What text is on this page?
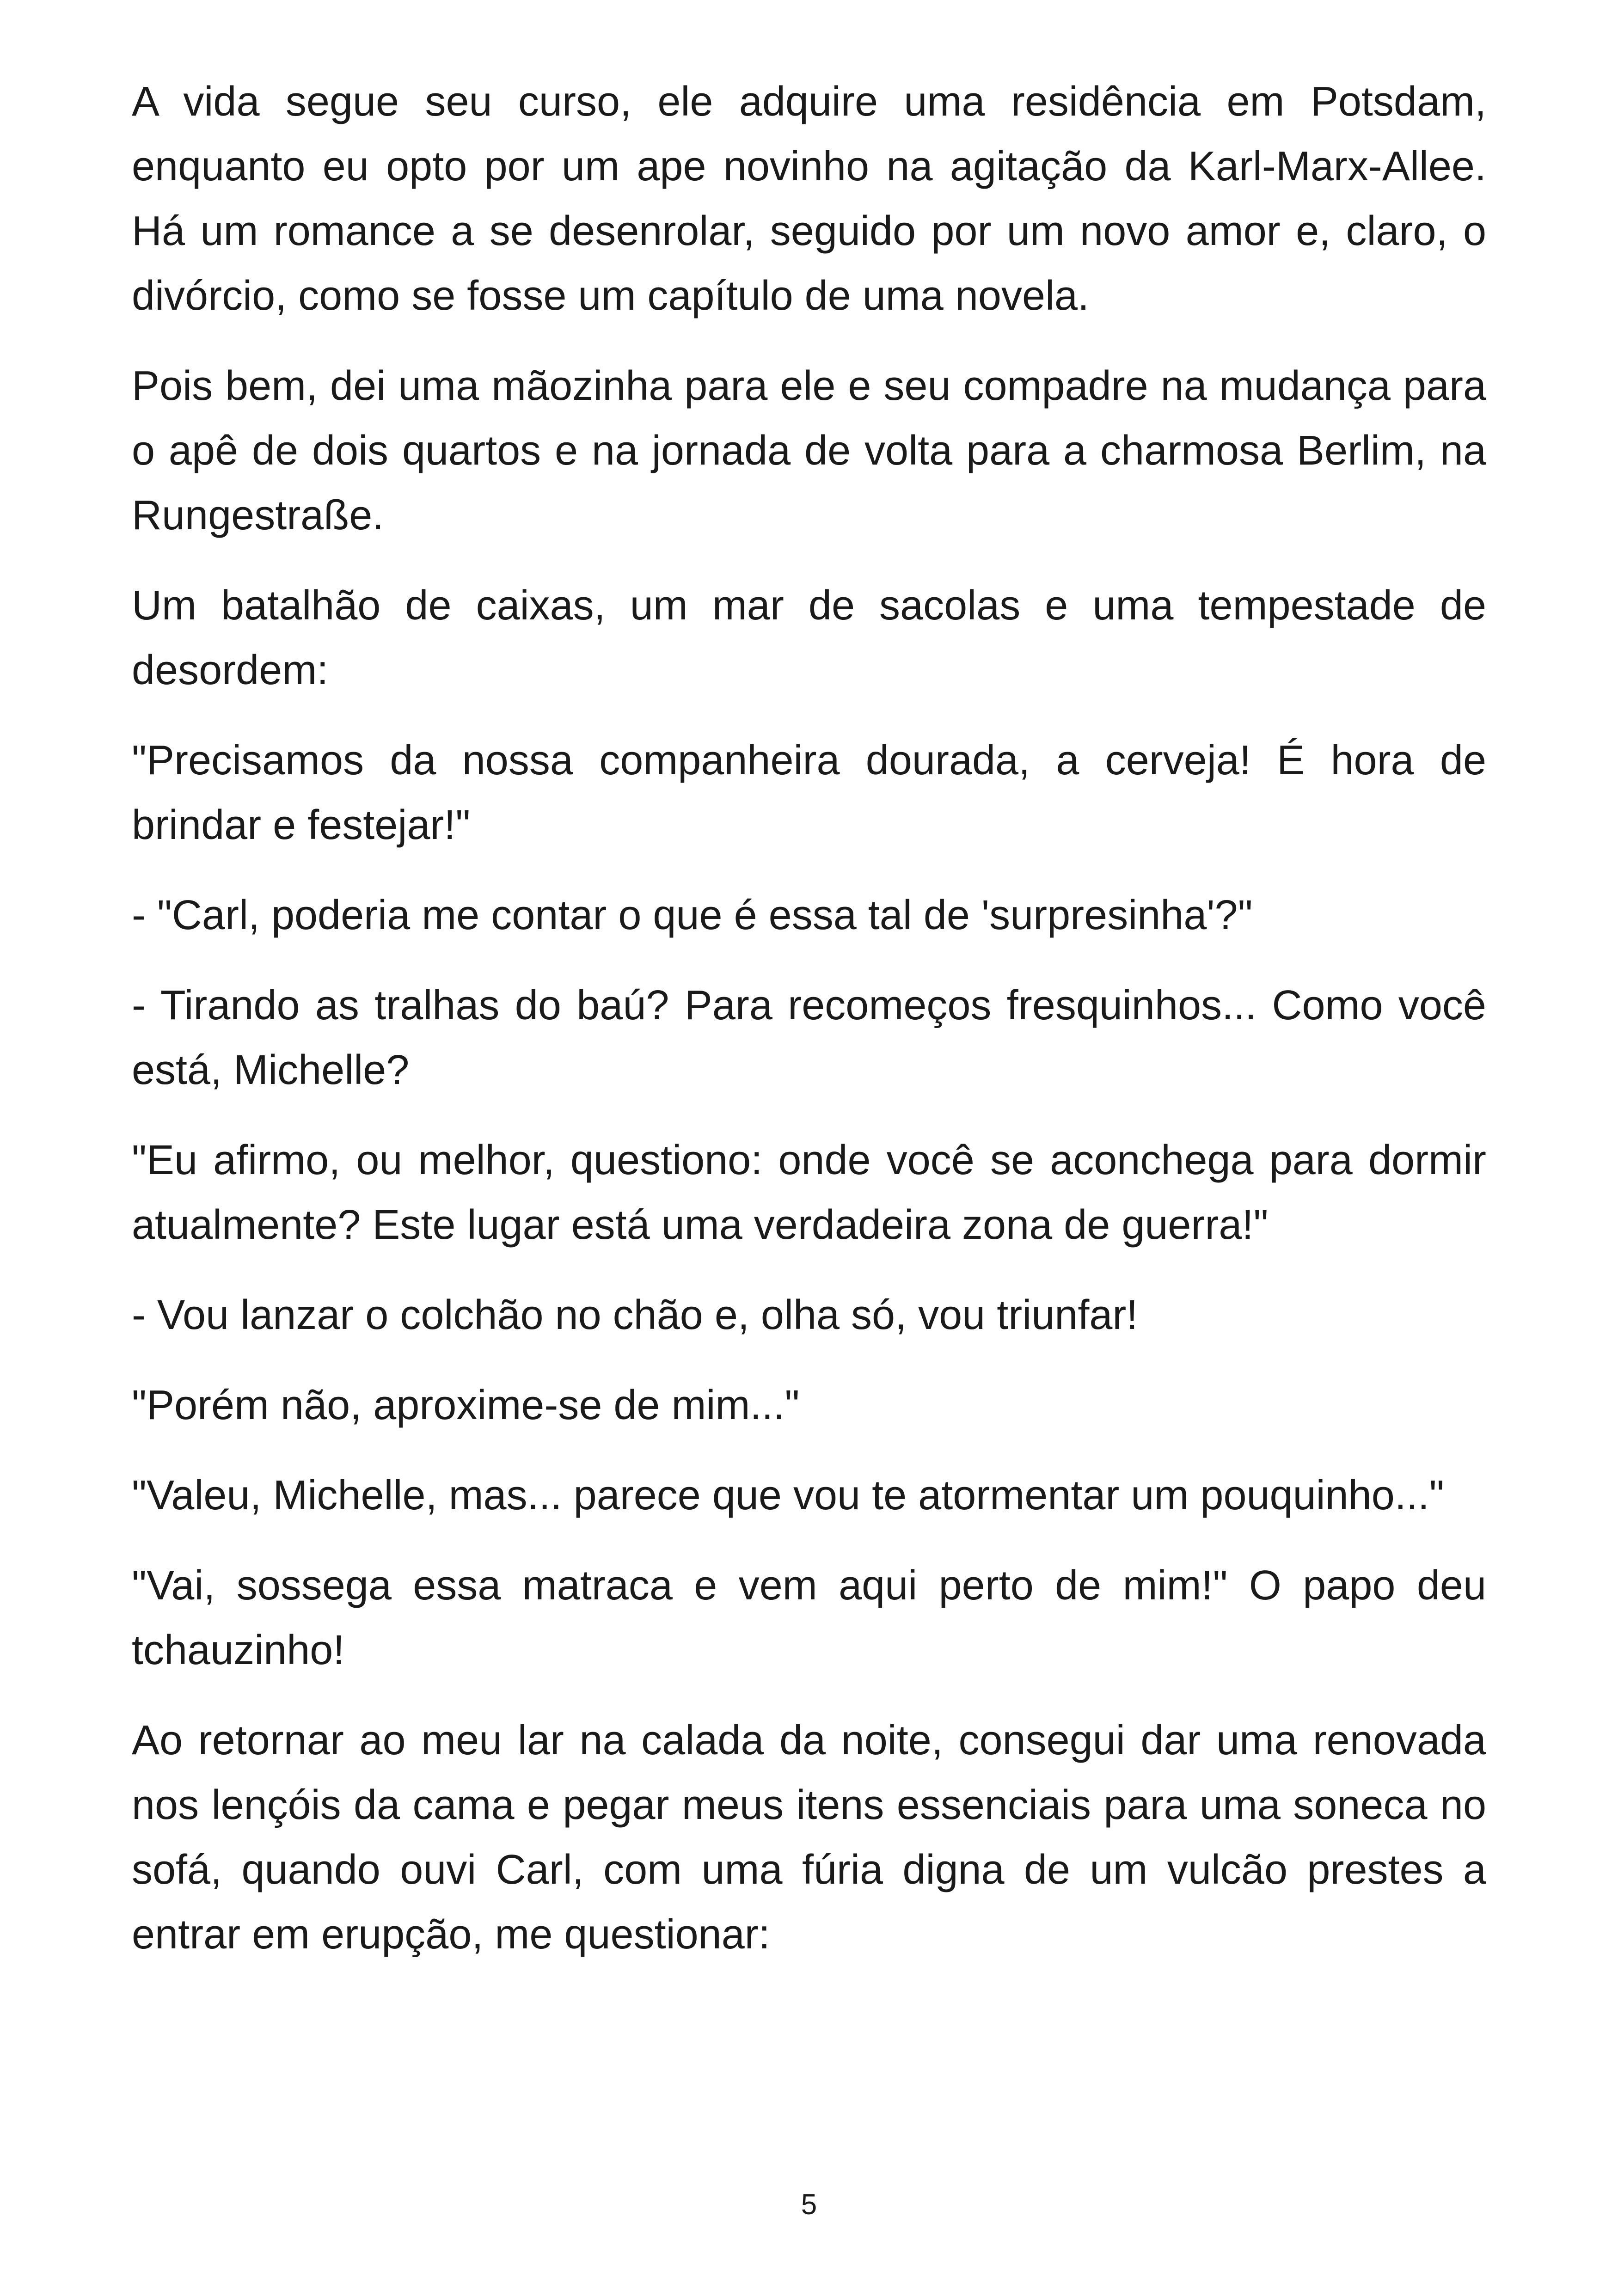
A vida segue seu curso, ele adquire uma residência em Potsdam, enquanto eu opto por um ape novinho na agitação da Karl-Marx-Allee. Há um romance a se desenrolar, seguido por um novo amor e, claro, o divórcio, como se fosse um capítulo de uma novela.

Pois bem, dei uma mãozinha para ele e seu compadre na mudança para o apê de dois quartos e na jornada de volta para a charmosa Berlim, na Rungestraße.

Um batalhão de caixas, um mar de sacolas e uma tempestade de desordem:

"Precisamos da nossa companheira dourada, a cerveja! É hora de brindar e festejar!"

- "Carl, poderia me contar o que é essa tal de 'surpresinha'?"

- Tirando as tralhas do baú? Para recomeços fresquinhos... Como você está, Michelle?

"Eu afirmo, ou melhor, questiono: onde você se aconchega para dormir atualmente? Este lugar está uma verdadeira zona de guerra!"

- Vou lanzar o colchão no chão e, olha só, vou triunfar!

"Porém não, aproxime-se de mim..."

"Valeu, Michelle, mas... parece que vou te atormentar um pouquinho..."

"Vai, sossega essa matraca e vem aqui perto de mim!" O papo deu tchauzinho!

Ao retornar ao meu lar na calada da noite, consegui dar uma renovada nos lençóis da cama e pegar meus itens essenciais para uma soneca no sofá, quando ouvi Carl, com uma fúria digna de um vulcão prestes a entrar em erupção, me questionar:

5
